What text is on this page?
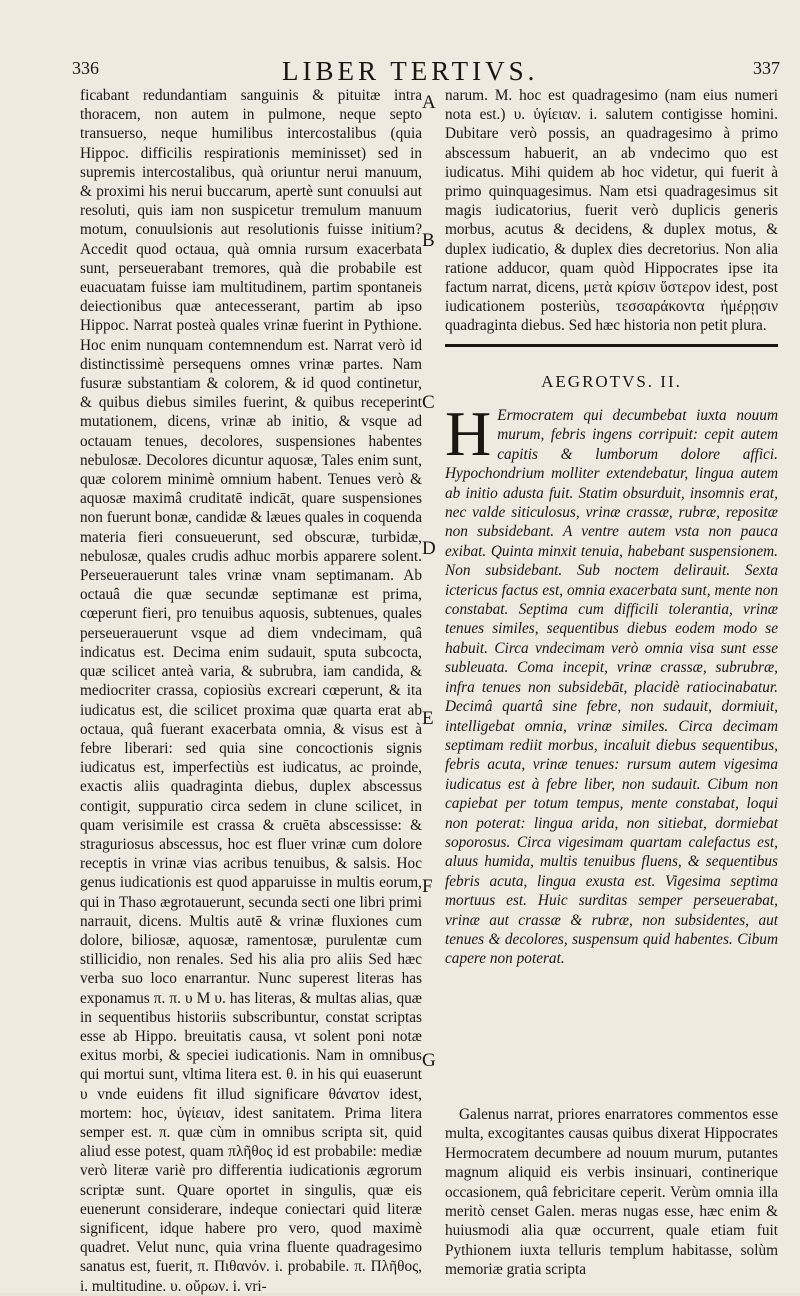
336	LIBER TERTIVS.	337

ficabant redundantiam sanguinis & pituitæ intra thoracem, non autem in pulmone, neque septo transuerso, neque humilibus intercostalibus (quia Hippoc. difficilis respirationis meminisset) sed in supremis intercostalibus, quà oriuntur nerui manuum, & proximi his nerui buccarum, apertè sunt conuulsi aut resoluti, quis iam non suspicetur tremulum manuum motum, conuulsionis aut resolutionis fuisse initium? Accedit quod octaua, quà omnia rursum exacerbata sunt, perseuerabant tremores, quà die probabile est euacuatam fuisse iam multitudinem, partim spontaneis deiectionibus quæ antecesserant, partim ab ipso Hippoc. Narrat posteà quales vrinæ fuerint in Pythione. Hoc enim nunquam contemnendum est. Narrat verò id distinctissimè persequens omnes vrinæ partes. Nam fusuræ substantiam & colorem, & id quod continetur, & quibus diebus similes fuerint, & quibus receperint mutationem, dicens, vrinæ ab initio, & vsque ad octauam tenues, decolores, suspensiones habentes nebulosæ. Decolores dicuntur aquosæ, Tales enim sunt, quæ colorem minimè omnium habent. Tenues verò & aquosæ maximâ cruditatē indicāt, quare suspensiones non fuerunt bonæ, candidæ & læues quales in coquenda materia fieri consueuerunt, sed obscuræ, turbidæ, nebulosæ, quales crudis adhuc morbis apparere solent. Perseuerauerunt tales vrinæ vnam septimanam. Ab octauâ die quæ secundæ septimanæ est prima, cœperunt fieri, pro tenuibus aquosis, subtenues, quales perseuerauerunt vsque ad diem vndecimam, quâ indicatus est. Decima enim sudauit, sputa subcocta, quæ scilicet anteà varia, & subrubra, iam candida, & mediocriter crassa, copiosiùs excreari cœperunt, & ita iudicatus est, die scilicet proxima quæ quarta erat ab octaua, quâ fuerant exacerbata omnia, & visus est à febre liberari: sed quia sine concoctionis signis iudicatus est, imperfectiùs est iudicatus, ac proinde, exactis aliis quadraginta diebus, duplex abscessus contigit, suppuratio circa sedem in clune scilicet, in quam verisimile est crassa & cruēta abscessisse: & straguriosus abscessus, hoc est fluer vrinæ cum dolore receptis in vrinæ vias acribus tenuibus, & salsis. Hoc genus iudicationis est quod apparuisse in multis eorum, qui in Thaso ægrotauerunt, secunda secti one libri primi narrauit, dicens. Multis autē & vrinæ fluxiones cum dolore, biliosæ, aquosæ, ramentosæ, purulentæ cum stillicidio, non renales. Sed his alia pro aliis Sed hæc verba suo loco enarrantur. Nunc superest literas has exponamus π. π. υ Μ υ. has literas, & multas alias, quæ in sequentibus historiis subscribuntur, constat scriptas esse ab Hippo. breuitatis causa, vt solent poni notæ exitus morbi, & speciei iudicationis. Nam in omnibus qui mortui sunt, vltima litera est. θ. in his qui euaserunt υ vnde euidens fit illud significare θάνατον idest, mortem: hoc, ὑγίειαν, idest sanitatem. Prima litera semper est. π. quæ cùm in omnibus scripta sit, quid aliud esse potest, quam πλῆθος id est probabile: mediæ verò literæ variè pro differentia iudicationis ægrorum scriptæ sunt. Quare oportet in singulis, quæ eis euenerunt considerare, indeque coniectari quid literæ significent, idque habere pro vero, quod maximè quadret. Velut nunc, quia vrina fluente quadragesimo sanatus est, fuerit, π. Πιθανόν. i. probabile. π. Πλῆθος, i. multitudine. υ. οὔρων. i. vri-

A
B
C
D
E
F
G

narum. M. hoc est quadragesimo (nam eius numeri nota est.) υ. ὑγίειαν. i. salutem contigisse homini. Dubitare verò possis, an quadragesimo à primo abscessum habuerit, an ab vndecimo quo est iudicatus. Mihi quidem ab hoc videtur, qui fuerit à primo quinquagesimus. Nam etsi quadragesimus sit magis iudicatorius, fuerit verò duplicis generis morbus, acutus & decidens, & duplex motus, & duplex iudicatio, & duplex dies decretorius. Non alia ratione adducor, quam quòd Hippocrates ipse ita factum narrat, dicens, μετὰ κρίσιν ὕστερον idest, post iudicationem posteriùs, τεσσαράκοντα ἡμέρῃσιν quadraginta diebus. Sed hæc historia non petit plura.

AEGROTVS. II.

H Ermocratem qui decumbebat iuxta nouum murum, febris ingens corripuit: cepit autem capitis & lumborum dolore affici. Hypochondrium molliter extendebatur, lingua autem ab initio adusta fuit. Statim obsurduit, insomnis erat, nec valde siticulosus, vrinæ crassæ, rubræ, repositæ non subsidebant. A ventre autem vsta non pauca exibat. Quinta minxit tenuia, habebant suspensionem. Non subsidebant. Sub noctem delirauit. Sexta ictericus factus est, omnia exacerbata sunt, mente non constabat. Septima cum difficili tolerantia, vrinæ tenues similes, sequentibus diebus eodem modo se habuit. Circa vndecimam verò omnia visa sunt esse subleuata. Coma incepit, vrinæ crassæ, subrubræ, infra tenues non subsidebāt, placidè ratiocinabatur. Decimâ quartâ sine febre, non sudauit, dormiuit, intelligebat omnia, vrinæ similes. Circa decimam septimam rediit morbus, incaluit diebus sequentibus, febris acuta, vrinæ tenues: rursum autem vigesima iudicatus est à febre liber, non sudauit. Cibum non capiebat per totum tempus, mente constabat, loqui non poterat: lingua arida, non sitiebat, dormiebat soporosus. Circa vigesimam quartam calefactus est, aluus humida, multis tenuibus fluens, & sequentibus febris acuta, lingua exusta est. Vigesima septima mortuus est. Huic surditas semper perseuerabat, vrinæ aut crassæ & rubræ, non subsidentes, aut tenues & decolores, suspensum quid habentes. Cibum capere non poterat.

Galenus narrat, priores enarratores commentos esse multa, excogitantes causas quibus dixerat Hippocrates Hermocratem decumbere ad nouum murum, putantes magnum aliquid eis verbis insinuari, continerique occasionem, quâ febricitare ceperit. Verùm omnia illa meritò censet Galen. meras nugas esse, hæc enim & huiusmodi alia quæ occurrent, quale etiam fuit Pythionem iuxta telluris templum habitasse, solùm memoriæ gratia scripta
